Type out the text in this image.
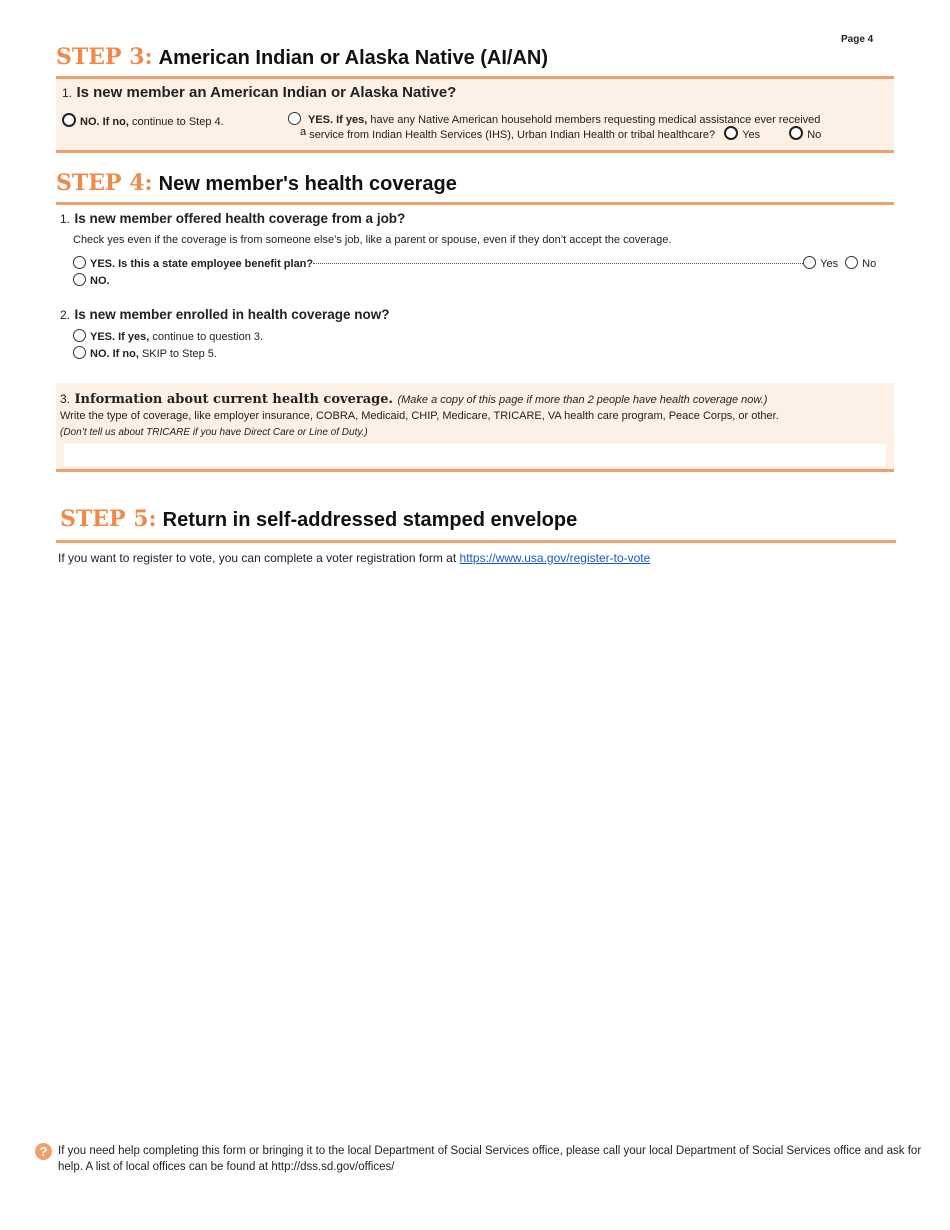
Page 4
STEP 3: American Indian or Alaska Native (AI/AN)
1. Is new member an American Indian or Alaska Native?
NO. If no, continue to Step 4.	YES. If yes, have any Native American household members requesting medical assistance ever received
a service from Indian Health Services (IHS), Urban Indian Health or tribal healthcare? Yes	No
STEP 4: New member's health coverage
1. Is new member offered health coverage from a job?
Check yes even if the coverage is from someone else’s job, like a parent or spouse, even if they don’t accept the coverage.
YES. Is this a state employee benefit plan?	Yes No
NO.
2. Is new member enrolled in health coverage now?
YES. If yes, continue to question 3.
NO. If no, SKIP to Step 5.
3. Information about current health coverage. (Make a copy of this page if more than 2 people have health coverage now.)
Write the type of coverage, like employer insurance, COBRA, Medicaid, CHIP, Medicare, TRICARE, VA health care program, Peace Corps, or other.
(Don’t tell us about TRICARE if you have Direct Care or Line of Duty.)
STEP 5: Return in self-addressed stamped envelope
If you want to register to vote, you can complete a voter registration form at https://www.usa.gov/register-to-vote
? If you need help completing this form or bringing it to the local Department of Social Services office, please call your local Department of Social Services office and ask for help. A list of local offices can be found at http://dss.sd.gov/offices/
